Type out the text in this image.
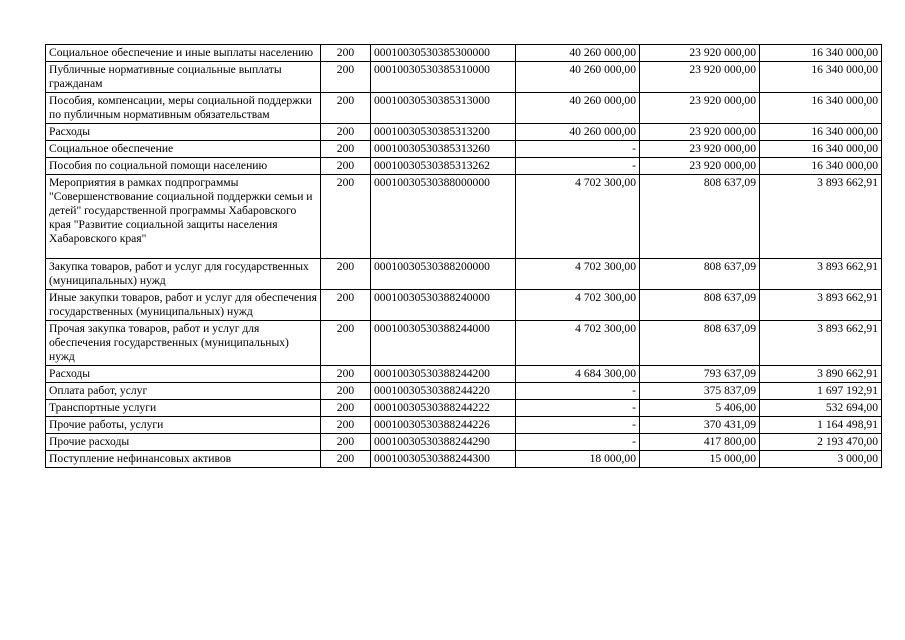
Социальное обеспечение и иные выплаты населению	200	00010030530385300000	40 260 000,00	23 920 000,00	16 340 000,00
Публичные нормативные социальные выплаты гражданам	200	00010030530385310000	40 260 000,00	23 920 000,00	16 340 000,00
Пособия, компенсации, меры социальной поддержки по публичным нормативным обязательствам	200	00010030530385313000	40 260 000,00	23 920 000,00	16 340 000,00
Расходы	200	00010030530385313200	40 260 000,00	23 920 000,00	16 340 000,00
Социальное обеспечение	200	00010030530385313260	-	23 920 000,00	16 340 000,00
Пособия по социальной помощи населению	200	00010030530385313262	-	23 920 000,00	16 340 000,00
Мероприятия в рамках подпрограммы "Совершенствование социальной поддержки семьи и детей" государственной программы Хабаровского края "Развитие социальной защиты населения Хабаровского края"	200	00010030530388000000	4 702 300,00	808 637,09	3 893 662,91
Закупка товаров, работ и услуг для государственных (муниципальных) нужд	200	00010030530388200000	4 702 300,00	808 637,09	3 893 662,91
Иные закупки товаров, работ и услуг для обеспечения государственных (муниципальных) нужд	200	00010030530388240000	4 702 300,00	808 637,09	3 893 662,91
Прочая закупка товаров, работ и услуг для обеспечения государственных (муниципальных) нужд	200	00010030530388244000	4 702 300,00	808 637,09	3 893 662,91
Расходы	200	00010030530388244200	4 684 300,00	793 637,09	3 890 662,91
Оплата работ, услуг	200	00010030530388244220	-	375 837,09	1 697 192,91
Транспортные услуги	200	00010030530388244222	-	5 406,00	532 694,00
Прочие работы, услуги	200	00010030530388244226	-	370 431,09	1 164 498,91
Прочие расходы	200	00010030530388244290	-	417 800,00	2 193 470,00
Поступление нефинансовых активов	200	00010030530388244300	18 000,00	15 000,00	3 000,00
